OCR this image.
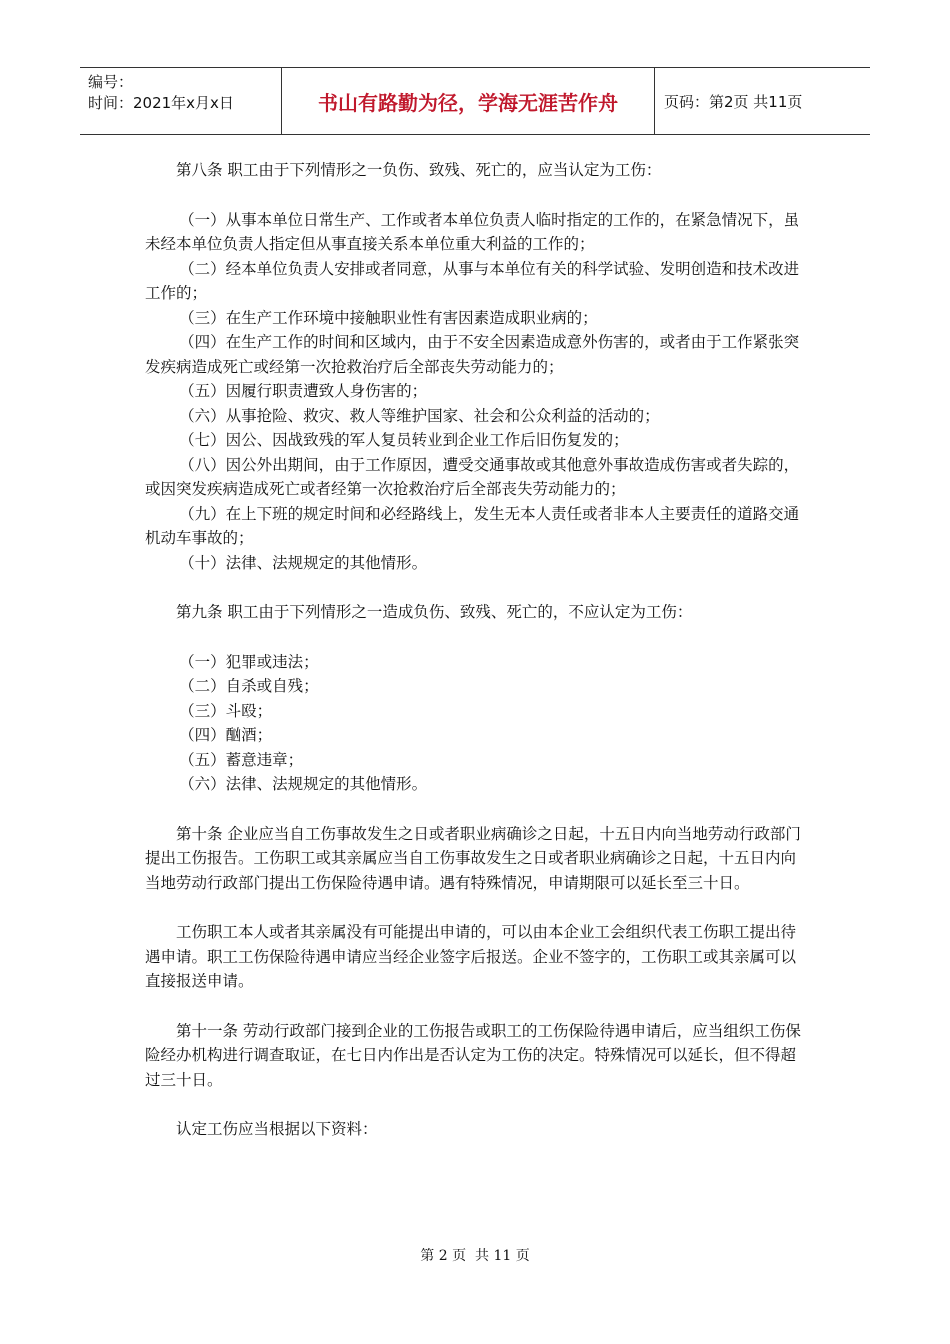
编号：
时间：2021年x月x日	书山有路勤为径，学海无涯苦作舟	页码：第2页 共11页

第八条 职工由于下列情形之一负伤、致残、死亡的，应当认定为工伤：

（一）从事本单位日常生产、工作或者本单位负责人临时指定的工作的，在紧急情况下，虽未经本单位负责人指定但从事直接关系本单位重大利益的工作的；

（二）经本单位负责人安排或者同意，从事与本单位有关的科学试验、发明创造和技术改进工作的；

（三）在生产工作环境中接触职业性有害因素造成职业病的；

（四）在生产工作的时间和区域内，由于不安全因素造成意外伤害的，或者由于工作紧张突发疾病造成死亡或经第一次抢救治疗后全部丧失劳动能力的；

（五）因履行职责遭致人身伤害的；

（六）从事抢险、救灾、救人等维护国家、社会和公众利益的活动的；

（七）因公、因战致残的军人复员转业到企业工作后旧伤复发的；

（八）因公外出期间，由于工作原因，遭受交通事故或其他意外事故造成伤害或者失踪的，或因突发疾病造成死亡或者经第一次抢救治疗后全部丧失劳动能力的；

（九）在上下班的规定时间和必经路线上，发生无本人责任或者非本人主要责任的道路交通机动车事故的；

（十）法律、法规规定的其他情形。

第九条 职工由于下列情形之一造成负伤、致残、死亡的，不应认定为工伤：

（一）犯罪或违法；

（二）自杀或自残；

（三）斗殴；

（四）酗酒；

（五）蓄意违章；

（六）法律、法规规定的其他情形。

第十条 企业应当自工伤事故发生之日或者职业病确诊之日起，十五日内向当地劳动行政部门提出工伤报告。工伤职工或其亲属应当自工伤事故发生之日或者职业病确诊之日起，十五日内向当地劳动行政部门提出工伤保险待遇申请。遇有特殊情况，申请期限可以延长至三十日。

工伤职工本人或者其亲属没有可能提出申请的，可以由本企业工会组织代表工伤职工提出待遇申请。职工工伤保险待遇申请应当经企业签字后报送。企业不签字的，工伤职工或其亲属可以直接报送申请。

第十一条 劳动行政部门接到企业的工伤报告或职工的工伤保险待遇申请后，应当组织工伤保险经办机构进行调查取证，在七日内作出是否认定为工伤的决定。特殊情况可以延长，但不得超过三十日。

认定工伤应当根据以下资料：

第 2 页  共 11 页
